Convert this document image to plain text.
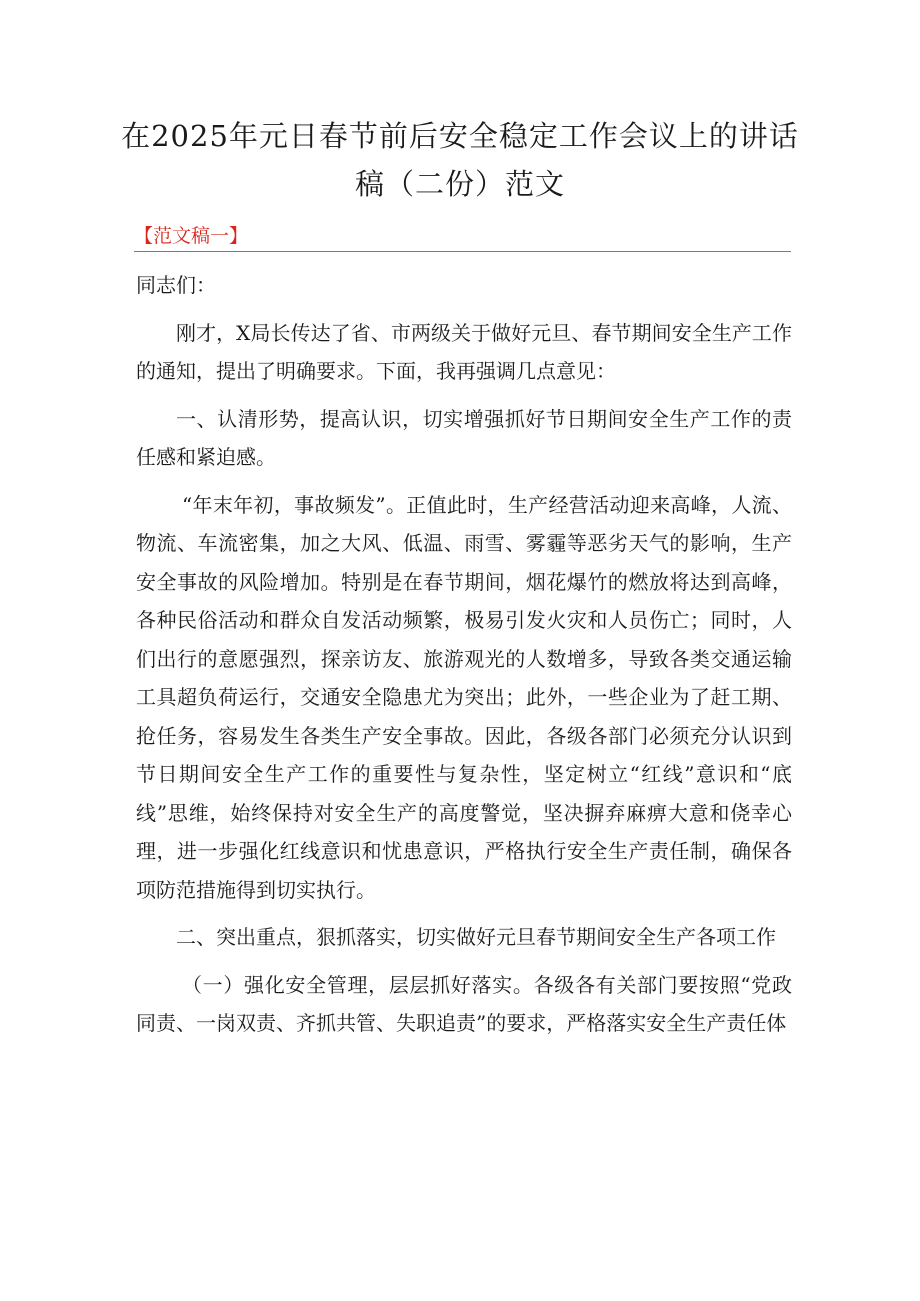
在2025年元日春节前后安全稳定工作会议上的讲话
稿（二份）范文
【范文稿一】

同志们：

刚才，X局长传达了省、市两级关于做好元旦、春节期间安全生产工作的通知，提出了明确要求。下面，我再强调几点意见：

一、认清形势，提高认识，切实增强抓好节日期间安全生产工作的责任感和紧迫感。

“年末年初，事故频发”。正值此时，生产经营活动迎来高峰，人流、物流、车流密集，加之大风、低温、雨雪、雾霾等恶劣天气的影响，生产安全事故的风险增加。特别是在春节期间，烟花爆竹的燃放将达到高峰，各种民俗活动和群众自发活动频繁，极易引发火灾和人员伤亡；同时，人们出行的意愿强烈，探亲访友、旅游观光的人数增多，导致各类交通运输工具超负荷运行，交通安全隐患尤为突出；此外，一些企业为了赶工期、抢任务，容易发生各类生产安全事故。因此，各级各部门必须充分认识到节日期间安全生产工作的重要性与复杂性，坚定树立“红线”意识和“底线”思维，始终保持对安全生产的高度警觉，坚决摒弃麻痹大意和侥幸心理，进一步强化红线意识和忧患意识，严格执行安全生产责任制，确保各项防范措施得到切实执行。

二、突出重点，狠抓落实，切实做好元旦春节期间安全生产各项工作

（一）强化安全管理，层层抓好落实。各级各有关部门要按照“党政同责、一岗双责、齐抓共管、失职追责”的要求，严格落实安全生产责任体
